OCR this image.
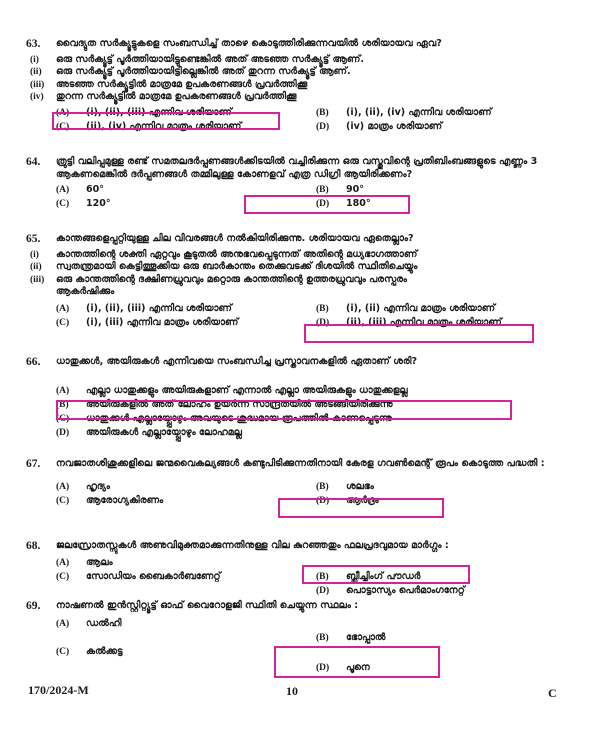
63. വൈദ്യുത സർക്യൂട്ടുകളെ സംബന്ധിച്ച് താഴെ കൊടുത്തിരിക്കുന്നവയിൽ ശരിയായവ ഏവ?
(i) ഒരു സർക്യൂട്ട് പൂർത്തിയായിട്ടുണ്ടെങ്കിൽ അത് അടഞ്ഞ സർക്യൂട്ട് ആണ്.
(ii) ഒരു സർക്യൂട്ട് പൂർത്തിയായിട്ടില്ലെങ്കിൽ അത് തുറന്ന സർക്യൂട്ട് ആണ്.
(iii) അടഞ്ഞ സർക്യൂട്ടിൽ മാത്രമേ ഉപകരണങ്ങൾ പ്രവർത്തിക്കൂ
(iv) തുറന്ന സർക്യൂട്ടിൽ മാത്രമേ ഉപകരണങ്ങൾ പ്രവർത്തിക്കൂ
(A) (i), (ii), (iii) എന്നിവ ശരിയാണ്	(B) (i), (ii), (iv) എന്നിവ ശരിയാണ്
(C) (ii), (iv) എന്നിവ മാത്രം ശരിയാണ്	(D) (iv) മാത്രം ശരിയാണ്
64. ത്രുട്ടി വലിപ്പമുള്ള രണ്ട് സമതലദർപ്പണങ്ങൾക്കിടയിൽ വച്ചിരിക്കുന്ന ഒരു വസ്തുവിന്റെ പ്രതിബിംബങ്ങളുടെ എണ്ണം 3 ആകണമെങ്കിൽ ദർപ്പണങ്ങൾ തമ്മിലുള്ള കോണളവ് എത്ര ഡിഗ്രി ആയിരിക്കണം?
(A) 60°	(B) 90°
(C) 120°	(D) 180°
65. കാന്തങ്ങളെപ്പറ്റിയുള്ള ചില വിവരങ്ങൾ നൽകിയിരിക്കുന്നു. ശരിയായവ ഏതെല്ലാം?
(i) കാന്തത്തിന്റെ ശക്തി ഏറ്റവും കൂടുതൽ അനുഭവപ്പെടുന്നത് അതിന്റെ മധ്യഭാഗത്താണ്
(ii) സ്വതന്ത്രമായി കെട്ടിത്തൂക്കിയ ഒരു ബാർകാന്തം തെക്കുവടക്ക് ദിശയിൽ സ്ഥിതിചെയ്യും
(iii) ഒരു കാന്തത്തിന്റെ ദക്ഷിണധ്രുവവും മറ്റൊരു കാന്തത്തിന്റെ ഉത്തരധ്രുവവും പരസ്പരം
ആകർഷിക്കും
(A) (i), (ii), (iii) എന്നിവ ശരിയാണ്	(B) (i), (ii) എന്നിവ മാത്രം ശരിയാണ്
(C) (i), (iii) എന്നിവ മാത്രം ശരിയാണ്	(D) (ii), (iii) എന്നിവ മാത്രം ശരിയാണ്
66. ധാതുക്കൾ, അയിരുകൾ എന്നിവയെ സംബന്ധിച്ച പ്രസ്താവനകളിൽ ഏതാണ് ശരി?
(A) എല്ലാ ധാതുക്കളും അയിരുകളാണ് എന്നാൽ എല്ലാ അയിരുകളും ധാതുക്കളല്ല
(B) അയിരുകളിൽ അത് ലോഹം ഉയർന്ന സാന്ദ്രതയിൽ അടങ്ങിയിരിക്കുന്നു
(C) ധാതുക്കൾ എല്ലായ്പ്പോഴും അവയുടെ ശുദ്ധമായ രൂപത്തിൽ കാണപ്പെടുന്നു
(D) അയിരുകൾ എല്ലായ്പ്പോഴും ലോഹമല്ല
67. നവജാതശിശുക്കളിലെ ജന്മവൈകല്യങ്ങൾ കണ്ടുപിടിക്കുന്നതിനായി കേരള ഗവൺമെന്റ് രൂപം കൊടുത്ത പദ്ധതി :
(A) ഹൃദ്യം	(B) ശലഭം
(C) ആരോഗ്യകിരണം	(D) ആർദ്രം
68. ജലസ്രോതസ്സുകൾ അണുവിമുക്തമാക്കുന്നതിനുള്ള വില കുറഞ്ഞതും ഫലപ്രദവുമായ മാർഗ്ഗം :
(A) ആലം
(C) സോഡിയം ബൈകാർബണേറ്റ്	(B) ബ്ലീച്ചിംഗ് പൗഡർ
(D) പൊട്ടാസ്യം പെർമാംഗനേറ്റ്
69. നാഷണൽ ഇൻസ്റ്റിറ്റ്യൂട്ട് ഓഫ് വൈറോളജി സ്ഥിതി ചെയ്യുന്ന സ്ഥലം :
(A) ഡൽഹി
(B) ഭോപ്പാൽ
(C) കൽക്കട്ട
(D) പൂനെ
170/2024-M	10	C
